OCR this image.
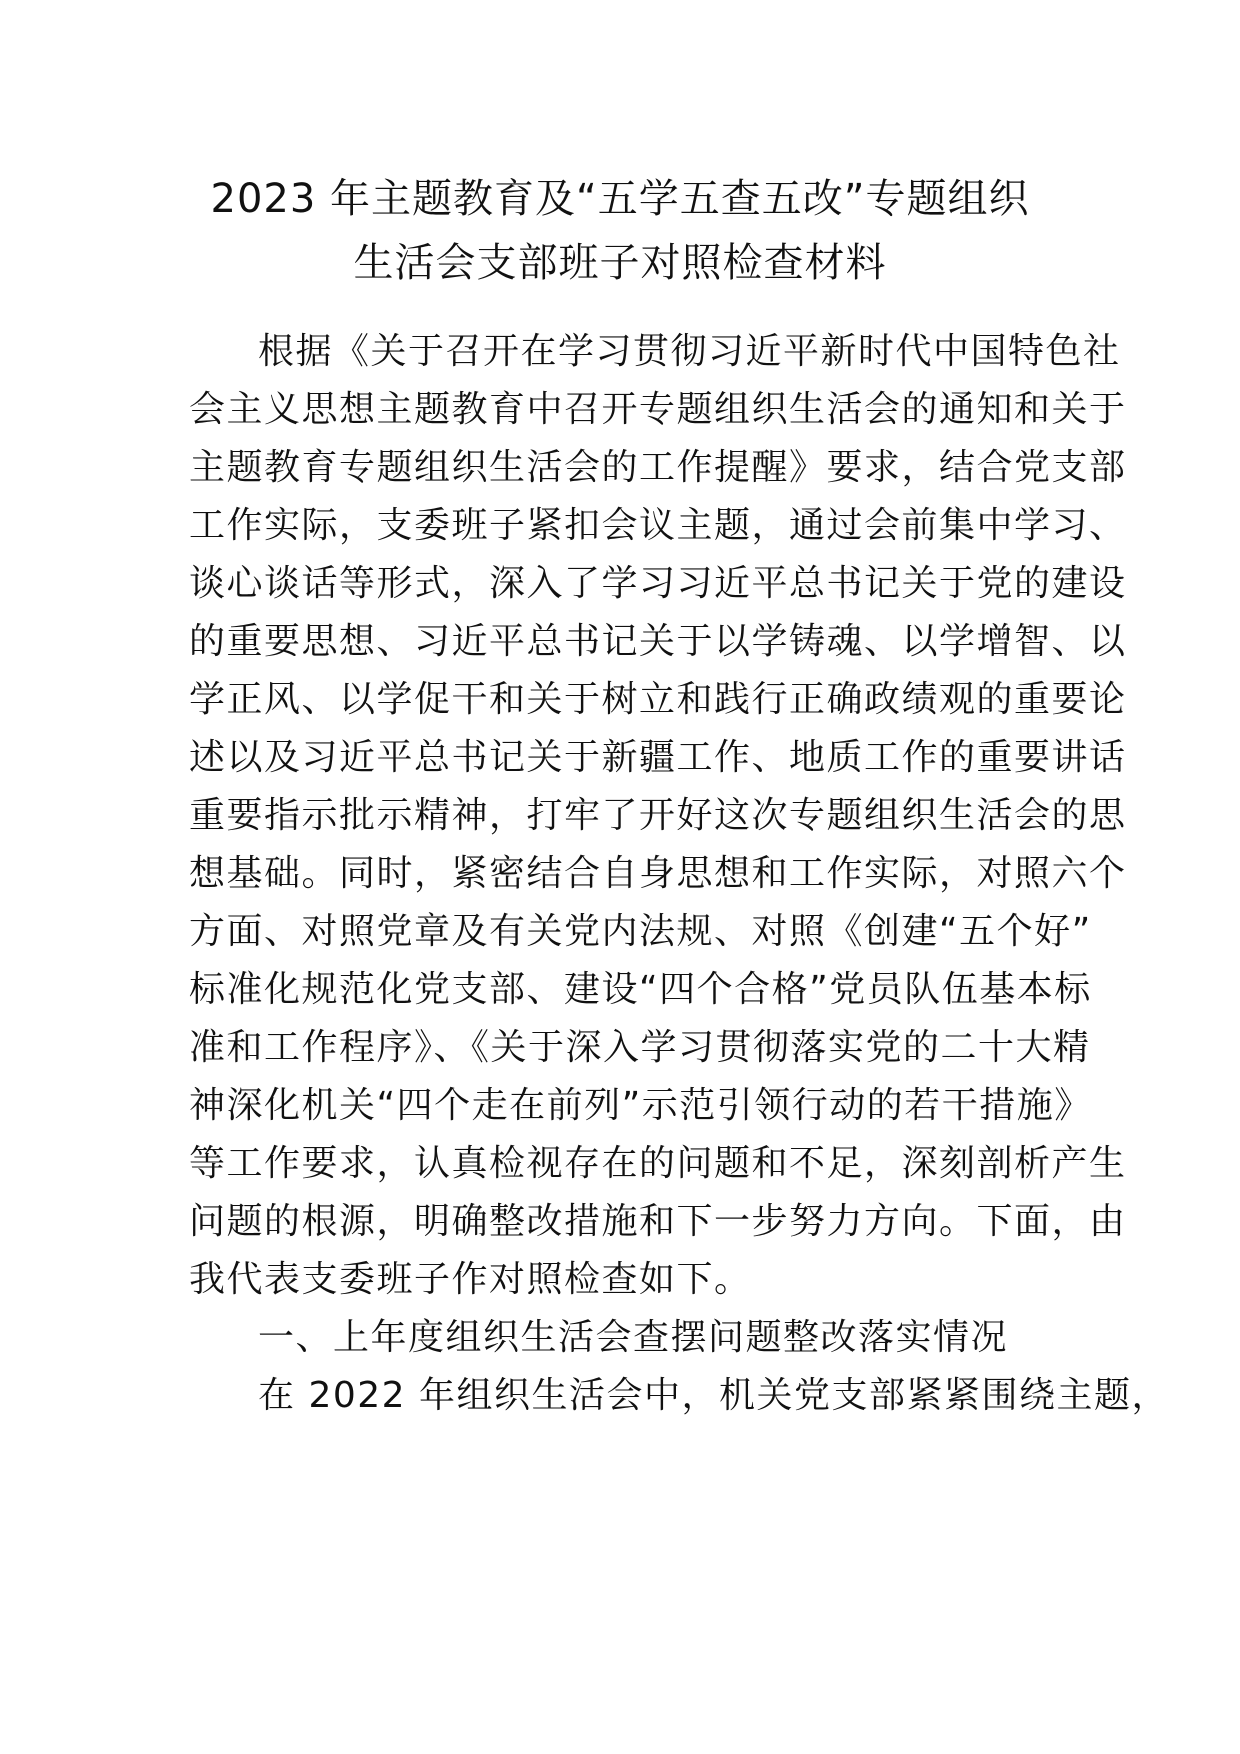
2023 年主题教育及“五学五查五改”专题组织
生活会支部班子对照检查材料
根据《关于召开在学习贯彻习近平新时代中国特色社
会主义思想主题教育中召开专题组织生活会的通知和关于
主题教育专题组织生活会的工作提醒》要求，结合党支部
工作实际，支委班子紧扣会议主题，通过会前集中学习、
谈心谈话等形式，深入了学习习近平总书记关于党的建设
的重要思想、习近平总书记关于以学铸魂、以学增智、以
学正风、以学促干和关于树立和践行正确政绩观的重要论
述以及习近平总书记关于新疆工作、地质工作的重要讲话
重要指示批示精神，打牢了开好这次专题组织生活会的思
想基础。同时，紧密结合自身思想和工作实际，对照六个
方面、对照党章及有关党内法规、对照《创建“五个好”
标准化规范化党支部、建设“四个合格”党员队伍基本标
准和工作程序》、《关于深入学习贯彻落实党的二十大精
神深化机关“四个走在前列”示范引领行动的若干措施》
等工作要求，认真检视存在的问题和不足，深刻剖析产生
问题的根源，明确整改措施和下一步努力方向。下面，由
我代表支委班子作对照检查如下。
一、上年度组织生活会查摆问题整改落实情况
在 2022 年组织生活会中，机关党支部紧紧围绕主题，
